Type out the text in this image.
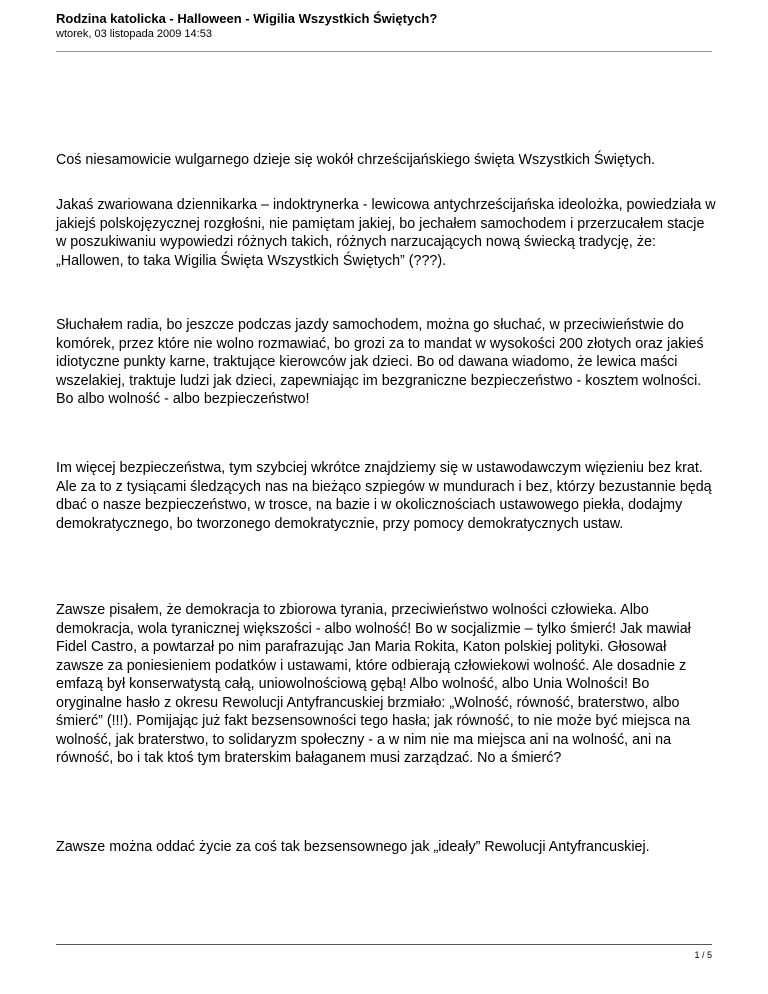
Rodzina katolicka - Halloween - Wigilia Wszystkich Świętych?
wtorek, 03 listopada 2009 14:53

Coś niesamowicie wulgarnego dzieje się wokół chrześcijańskiego święta Wszystkich Świętych.

Jakaś zwariowana dziennikarka – indoktrynerka - lewicowa antychrześcijańska ideolożka, powiedziała w jakiejś polskojęzycznej rozgłośni, nie pamiętam jakiej, bo jechałem samochodem i przerzucałem stacje w poszukiwaniu wypowiedzi różnych takich, różnych narzucających nową świecką tradycję, że: „Hallowen, to taka Wigilia Święta Wszystkich Świętych” (???).

Słuchałem radia, bo jeszcze podczas jazdy samochodem, można go słuchać, w przeciwieństwie do komórek, przez które nie wolno rozmawiać, bo grozi za to mandat w wysokości 200 złotych oraz jakieś idiotyczne punkty karne, traktujące kierowców jak dzieci. Bo od dawana wiadomo, że lewica maści wszelakiej, traktuje ludzi jak dzieci, zapewniając im bezgraniczne bezpieczeństwo - kosztem wolności. Bo albo wolność - albo bezpieczeństwo!

Im więcej bezpieczeństwa, tym szybciej wkrótce znajdziemy się w ustawodawczym więzieniu bez krat. Ale za to z tysiącami śledzących nas na bieżąco szpiegów w mundurach i bez, którzy bezustannie będą dbać o nasze bezpieczeństwo, w trosce, na bazie i w okolicznościach ustawowego piekła, dodajmy demokratycznego, bo tworzonego demokratycznie, przy pomocy demokratycznych ustaw.

Zawsze pisałem, że demokracja to zbiorowa tyrania, przeciwieństwo wolności człowieka. Albo demokracja, wola tyranicznej większości - albo wolność! Bo w socjalizmie – tylko śmierć! Jak mawiał Fidel Castro, a powtarzał po nim parafrazując Jan Maria Rokita, Katon polskiej polityki. Głosował zawsze za poniesieniem podatków i ustawami, które odbierają człowiekowi wolność. Ale dosadnie z emfazą był konserwatystą całą, uniowolnościową gębą! Albo wolność, albo Unia Wolności! Bo oryginalne hasło z okresu Rewolucji Antyfrancuskiej brzmiało: „Wolność, równość, braterstwo, albo śmierć” (!!!). Pomijając już fakt bezsensowności tego hasła; jak równość, to nie może być miejsca na wolność, jak braterstwo, to solidaryzm społeczny - a w nim nie ma miejsca ani na wolność, ani na równość, bo i tak ktoś tym braterskim bałaganem musi zarządzać. No a śmierć?

Zawsze można oddać życie za coś tak bezsensownego jak „ideały” Rewolucji Antyfrancuskiej.

1 / 5
